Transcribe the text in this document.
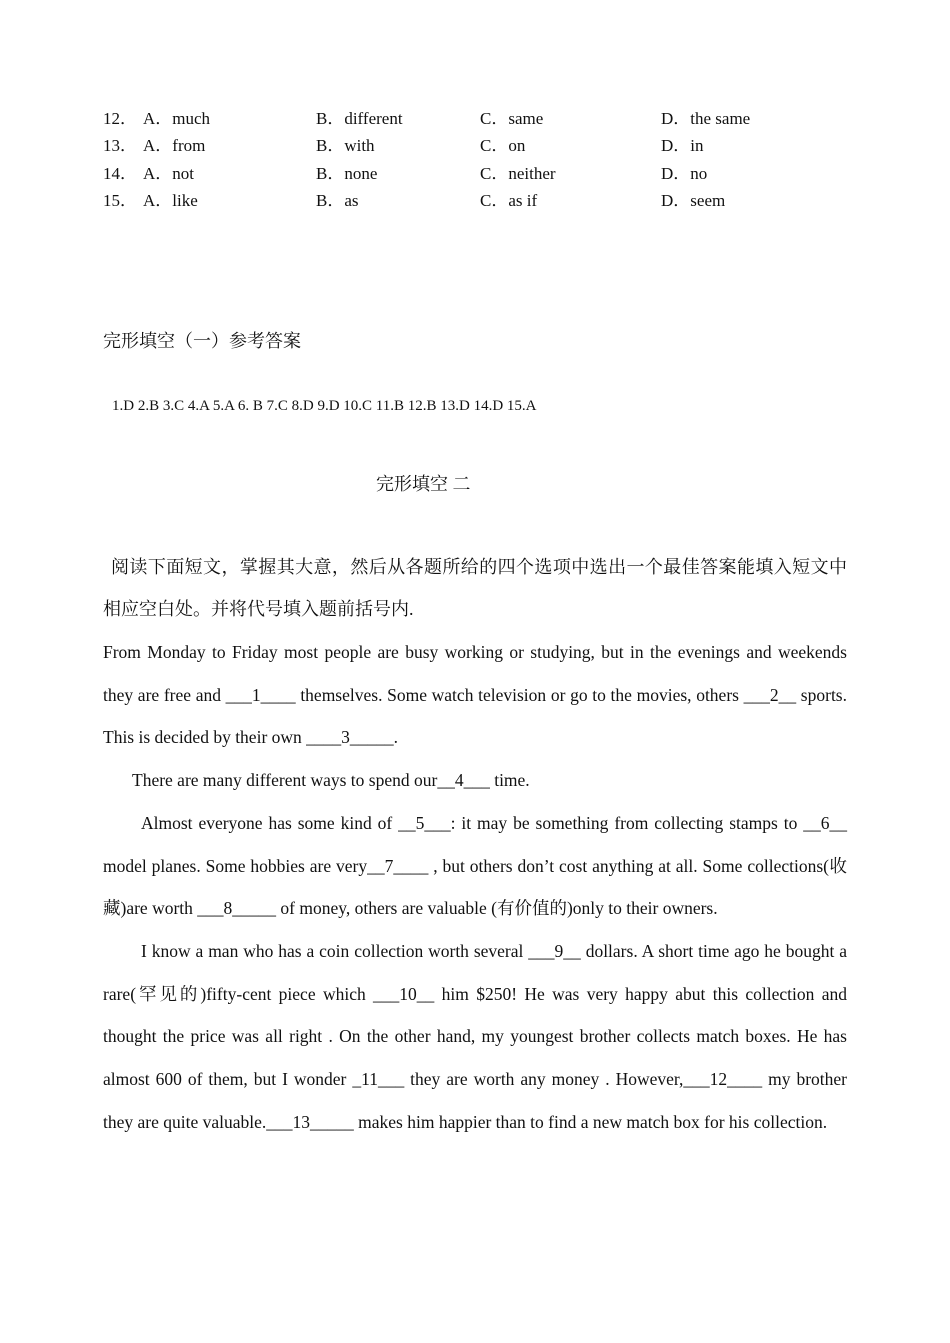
12． A．much	B．different	C．same	D．the same
13． A．from	B．with	C．on	D．in
14． A．not	B．none	C．neither	D．no
15． A．like	B．as	C．as if	D．seem
完形填空（一）参考答案
1.D 2.B 3.C 4.A 5.A 6. B 7.C 8.D 9.D 10.C 11.B 12.B 13.D 14.D 15.A
完形填空 二
阅读下面短文，掌握其大意，然后从各题所给的四个选项中选出一个最佳答案能填入短文中相应空白处。并将代号填入题前括号内.

From Monday to Friday most people are busy working or studying, but in the evenings and weekends they are free and ___1____ themselves. Some watch television or go to the movies, others ___2__ sports. This is decided by their own ____3_____.

There are many different ways to spend our__4___ time.

Almost everyone has some kind of __5___: it may be something from collecting stamps to __6__ model planes. Some hobbies are very__7____ , but others don’t cost anything at all. Some collections(收藏)are worth ___8_____ of money, others are valuable (有价值的)only to their owners.

I know a man who has a coin collection worth several ___9__ dollars. A short time ago he bought a rare(罕见的)fifty-cent piece which ___10__ him $250! He was very happy abut this collection and thought the price was all right . On the other hand, my youngest brother collects match boxes. He has almost 600 of them, but I wonder _11___ they are worth any money . However,___12____ my brother they are quite valuable.___13_____ makes him happier than to find a new match box for his collection.
